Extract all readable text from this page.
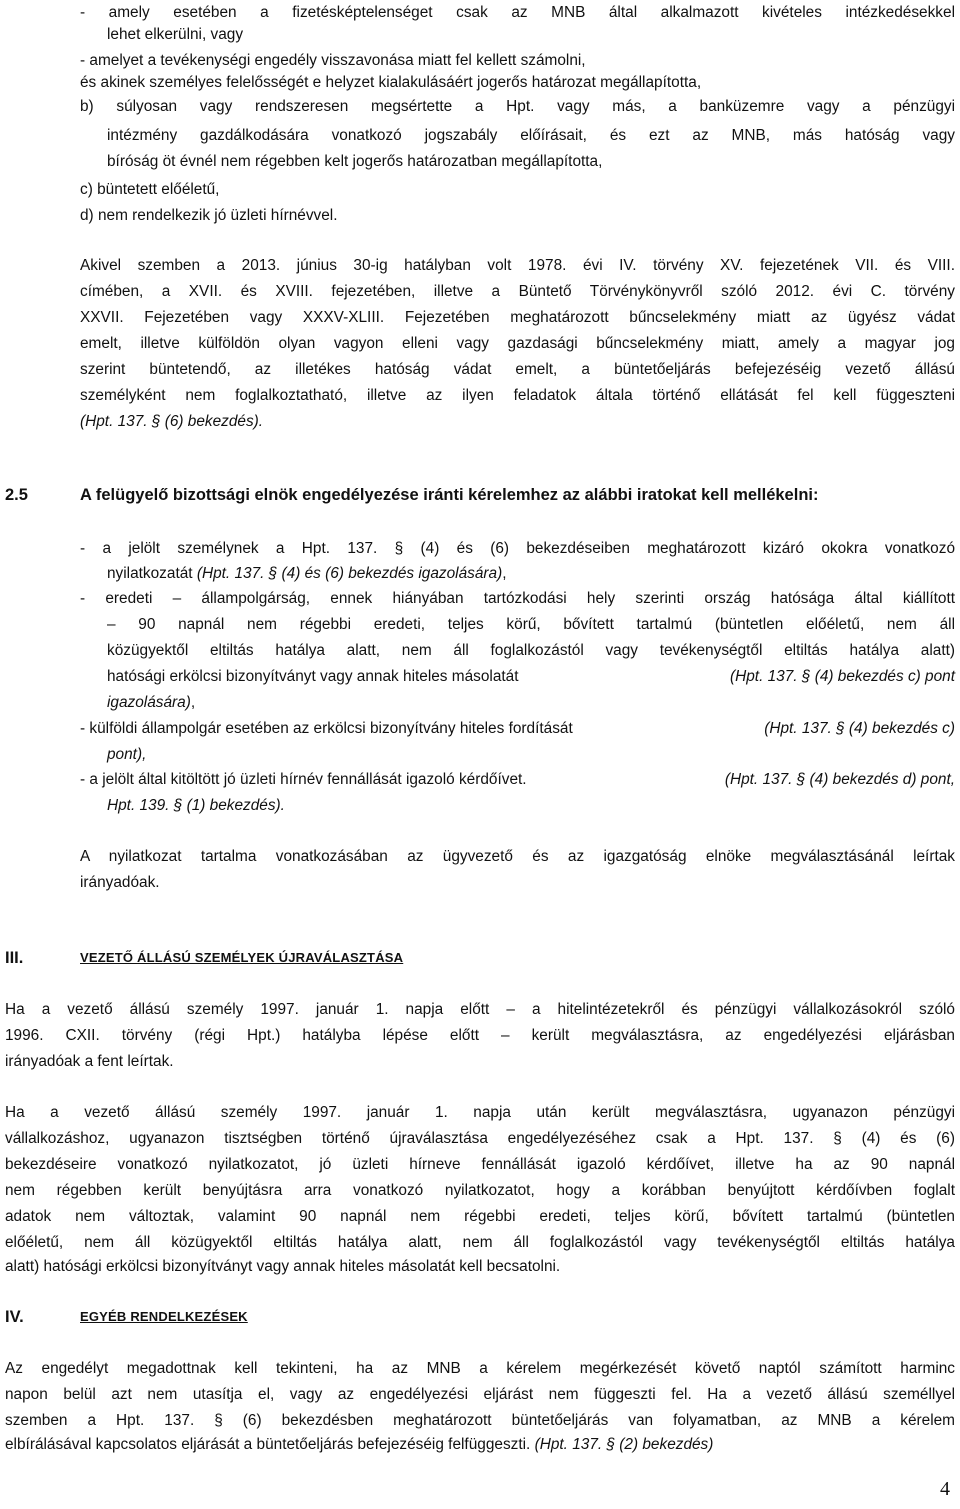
- amely esetében a fizetésképtelenséget csak az MNB által alkalmazott kivételes intézkedésekkel

lehet elkerülni, vagy

- amelyet a tevékenységi engedély visszavonása miatt fel kellett számolni,

és akinek személyes felelősségét e helyzet kialakulásáért jogerős határozat megállapította,

b) súlyosan vagy rendszeresen megsértette a Hpt. vagy más, a banküzemre vagy a pénzügyi

intézmény gazdálkodására vonatkozó jogszabály előírásait, és ezt az MNB, más hatóság vagy

bíróság öt évnél nem régebben kelt jogerős határozatban megállapította,

c) büntetett előéletű,

d) nem rendelkezik jó üzleti hírnévvel.

Akivel szemben a 2013. június 30-ig hatályban volt 1978. évi IV. törvény XV. fejezetének VII. és VIII.

címében, a XVII. és XVIII. fejezetében, illetve a Büntető Törvénykönyvről szóló 2012. évi C. törvény

XXVII. Fejezetében vagy XXXV-XLIII. Fejezetében meghatározott bűncselekmény miatt az ügyész vádat

emelt, illetve külföldön olyan vagyon elleni vagy gazdasági bűncselekmény miatt, amely a magyar jog

szerint büntetendő, az illetékes hatóság vádat emelt, a büntetőeljárás befejezéséig vezető állású

személyként nem foglalkoztatható, illetve az ilyen feladatok általa történő ellátását fel kell függeszteni

(Hpt. 137. § (6) bekezdés).

2.5	A felügyelő bizottsági elnök engedélyezése iránti kérelemhez az alábbi iratokat kell mellékelni:

- a jelölt személynek a Hpt. 137. § (4) és (6) bekezdéseiben meghatározott kizáró okokra vonatkozó

nyilatkozatát (Hpt. 137. § (4) és (6) bekezdés igazolására),

- eredeti – állampolgárság, ennek hiányában tartózkodási hely szerinti ország hatósága által kiállított

– 90 napnál nem régebbi eredeti, teljes körű, bővített tartalmú (büntetlen előéletű, nem áll

közügyektől eltiltás hatálya alatt, nem áll foglalkozástól vagy tevékenységtől eltiltás hatálya alatt)

hatósági erkölcsi bizonyítványt vagy annak hiteles másolatát	(Hpt. 137. § (4) bekezdés c) pont

igazolására),

- külföldi állampolgár esetében az erkölcsi bizonyítvány hiteles fordítását	(Hpt. 137. § (4) bekezdés c)

pont),

- a jelölt által kitöltött jó üzleti hírnév fennállását igazoló kérdőívet.	(Hpt. 137. § (4) bekezdés d) pont,

Hpt. 139. § (1) bekezdés).

A nyilatkozat tartalma vonatkozásában az ügyvezető és az igazgatóság elnöke megválasztásánál leírtak

irányadóak.

III.	VEZETŐ ÁLLÁSÚ SZEMÉLYEK ÚJRAVÁLASZTÁSA

Ha a vezető állású személy 1997. január 1. napja előtt – a hitelintézetekről és pénzügyi vállalkozásokról szóló

1996. CXII. törvény (régi Hpt.) hatályba lépése előtt – került megválasztásra, az engedélyezési eljárásban

irányadóak a fent leírtak.

Ha a vezető állású személy 1997. január 1. napja után került megválasztásra, ugyanazon pénzügyi

vállalkozáshoz, ugyanazon tisztségben történő újraválasztása engedélyezéséhez csak a Hpt. 137. § (4) és (6)

bekezdéseire vonatkozó nyilatkozatot, jó üzleti hírneve fennállását igazoló kérdőívet, illetve ha az 90 napnál

nem régebben került benyújtásra arra vonatkozó nyilatkozatot, hogy a korábban benyújtott kérdőívben foglalt

adatok nem változtak, valamint 90 napnál nem régebbi eredeti, teljes körű, bővített tartalmú (büntetlen

előéletű, nem áll közügyektől eltiltás hatálya alatt, nem áll foglalkozástól vagy tevékenységtől eltiltás hatálya

alatt) hatósági erkölcsi bizonyítványt vagy annak hiteles másolatát kell becsatolni.

IV.	EGYÉB RENDELKEZÉSEK

Az engedélyt megadottnak kell tekinteni, ha az MNB a kérelem megérkezését követő naptól számított harminc

napon belül azt nem utasítja el, vagy az engedélyezési eljárást nem függeszti fel. Ha a vezető állású személlyel

szemben a Hpt. 137. § (6) bekezdésben meghatározott büntetőeljárás van folyamatban, az MNB a kérelem

elbírálásával kapcsolatos eljárását a büntetőeljárás befejezéséig felfüggeszti. (Hpt. 137. § (2) bekezdés)

4
